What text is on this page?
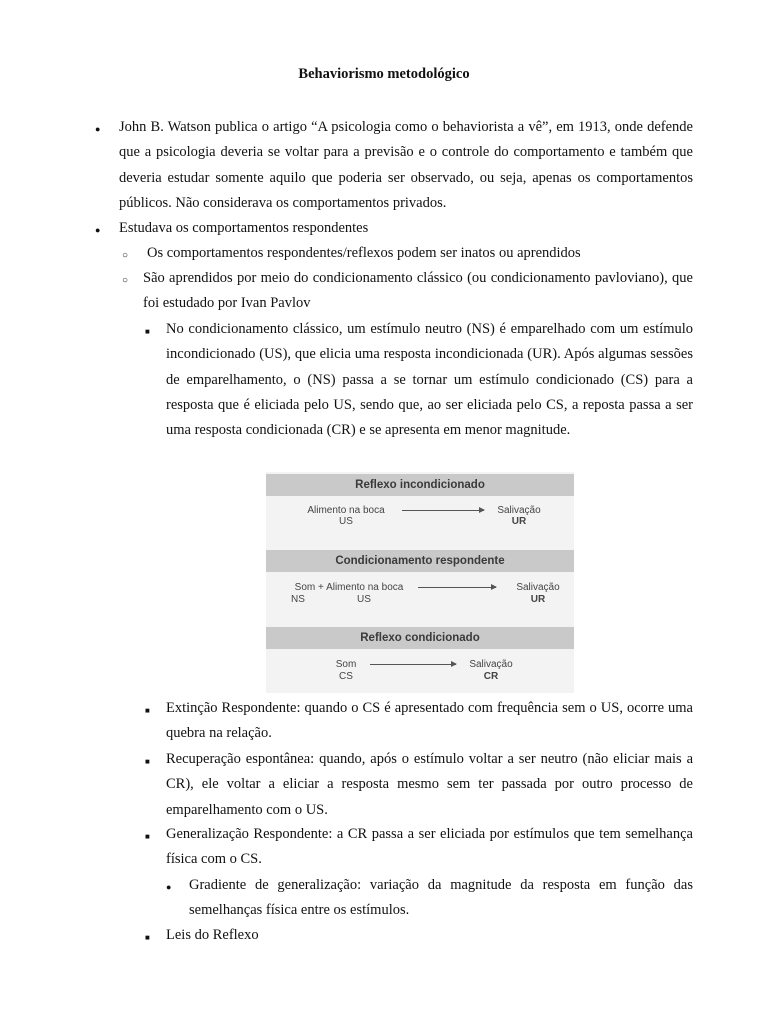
Behaviorismo metodológico
●
John B. Watson publica o artigo “A psicologia como o behaviorista a vê”, em 1913, onde defende que a psicologia deveria se voltar para a previsão e o controle do comportamento e também que deveria estudar somente aquilo que poderia ser observado, ou seja, apenas os comportamentos públicos. Não considerava os comportamentos privados.
●
Estudava os comportamentos respondentes
○
Os comportamentos respondentes/reflexos podem ser inatos ou aprendidos
○
São aprendidos por meio do condicionamento clássico (ou condicionamento pavloviano), que foi estudado por Ivan Pavlov
■
No condicionamento clássico, um estímulo neutro (NS) é emparelhado com um estímulo incondicionado (US), que elicia uma resposta incondicionada (UR). Após algumas sessões de emparelhamento, o (NS) passa a se tornar um estímulo condicionado (CS) para a resposta que é eliciada pelo US, sendo que, ao ser eliciada pelo CS, a reposta passa a ser uma resposta condicionada (CR) e se apresenta em menor magnitude.
Reflexo incondicionado
Alimento na boca
US
Salivação
UR
Condicionamento respondente
Som + Alimento na boca
NS	US
Salivação
UR
Reflexo condicionado
Som
CS
Salivação
CR
■
Extinção Respondente: quando o CS é apresentado com frequência sem o US, ocorre uma quebra na relação.
■
Recuperação espontânea: quando, após o estímulo voltar a ser neutro (não eliciar mais a CR), ele voltar a eliciar a resposta mesmo sem ter passada por outro processo de emparelhamento com o US.
■
Generalização Respondente: a CR passa a ser eliciada por estímulos que tem semelhança física com o CS.
●
Gradiente de generalização: variação da magnitude da resposta em função das semelhanças física entre os estímulos.
■
Leis do Reflexo
